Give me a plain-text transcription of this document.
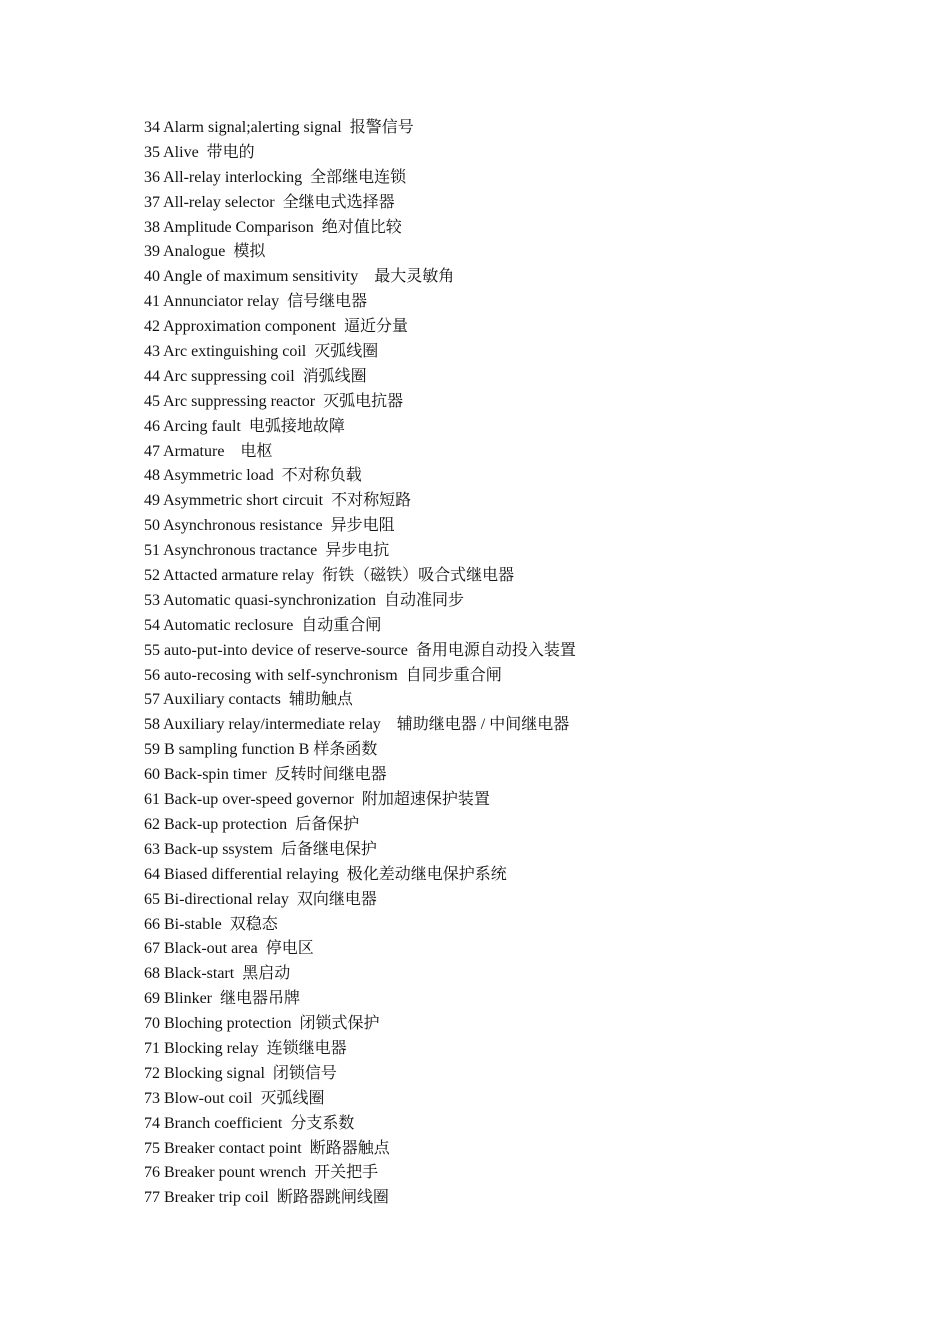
34 Alarm signal;alerting signal  报警信号
35 Alive  带电的
36 All-relay interlocking  全部继电连锁
37 All-relay selector  全继电式选择器
38 Amplitude Comparison  绝对值比较
39 Analogue  模拟
40 Angle of maximum sensitivity    最大灵敏角
41 Annunciator relay  信号继电器
42 Approximation component  逼近分量
43 Arc extinguishing coil  灭弧线圈
44 Arc suppressing coil  消弧线圈
45 Arc suppressing reactor  灭弧电抗器
46 Arcing fault  电弧接地故障
47 Armature    电枢
48 Asymmetric load  不对称负载
49 Asymmetric short circuit  不对称短路
50 Asynchronous resistance  异步电阻
51 Asynchronous tractance  异步电抗
52 Attacted armature relay  衔铁（磁铁）吸合式继电器
53 Automatic quasi-synchronization  自动准同步
54 Automatic reclosure  自动重合闸
55 auto-put-into device of reserve-source  备用电源自动投入装置
56 auto-recosing with self-synchronism  自同步重合闸
57 Auxiliary contacts  辅助触点
58 Auxiliary relay/intermediate relay    辅助继电器 / 中间继电器
59 B sampling function B 样条函数
60 Back-spin timer  反转时间继电器
61 Back-up over-speed governor  附加超速保护装置
62 Back-up protection  后备保护
63 Back-up ssystem  后备继电保护
64 Biased differential relaying  极化差动继电保护系统
65 Bi-directional relay  双向继电器
66 Bi-stable  双稳态
67 Black-out area  停电区
68 Black-start  黑启动
69 Blinker  继电器吊牌
70 Bloching protection  闭锁式保护
71 Blocking relay  连锁继电器
72 Blocking signal  闭锁信号
73 Blow-out coil  灭弧线圈
74 Branch coefficient  分支系数
75 Breaker contact point  断路器触点
76 Breaker pount wrench  开关把手
77 Breaker trip coil  断路器跳闸线圈
